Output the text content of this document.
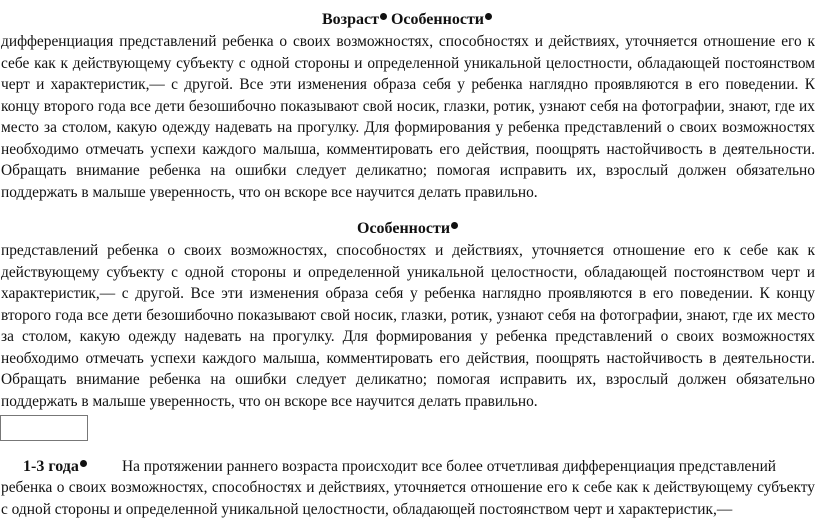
Возраст Особенности
дифференциация представлений ребенка о своих возможностях, способностях и действиях, уточняется отношение его к себе как к действующему субъекту с одной стороны и определенной уникальной целостности, обладающей постоянством черт и характеристик,— с другой. Все эти изменения образа себя у ребенка наглядно проявляются в его поведении. К концу второго года все дети безошибочно показывают свой носик, глазки, ротик, узнают себя на фотографии, знают, где их место за столом, какую одежду надевать на прогулку. Для формирования у ребенка представлений о своих возможностях необходимо отмечать успехи каждого малыша, комментировать его действия, поощрять настойчивость в деятельности. Обращать внимание ребенка на ошибки следует деликатно; помогая исправить их, взрослый должен обязательно поддержать в малыше уверенность, что он вскоре все научится делать правильно.
Особенности
представлений ребенка о своих возможностях, способностях и действиях, уточняется отношение его к себе как к действующему субъекту с одной стороны и определенной уникальной целостности, обладающей постоянством черт и характеристик,— с другой. Все эти изменения образа себя у ребенка наглядно проявляются в его поведении. К концу второго года все дети безошибочно показывают свой носик, глазки, ротик, узнают себя на фотографии, знают, где их место за столом, какую одежду надевать на прогулку. Для формирования у ребенка представлений о своих возможностях необходимо отмечать успехи каждого малыша, комментировать его действия, поощрять настойчивость в деятельности. Обращать внимание ребенка на ошибки следует деликатно; помогая исправить их, взрослый должен обязательно поддержать в малыше уверенность, что он вскоре все научится делать правильно.
1-3 года	На протяжении раннего возраста происходит все более отчетливая дифференциация представлений
ребенка о своих возможностях, способностях и действиях, уточняется отношение его к себе как к действующему субъекту с одной стороны и определенной уникальной целостности, обладающей постоянством черт и характеристик,—
